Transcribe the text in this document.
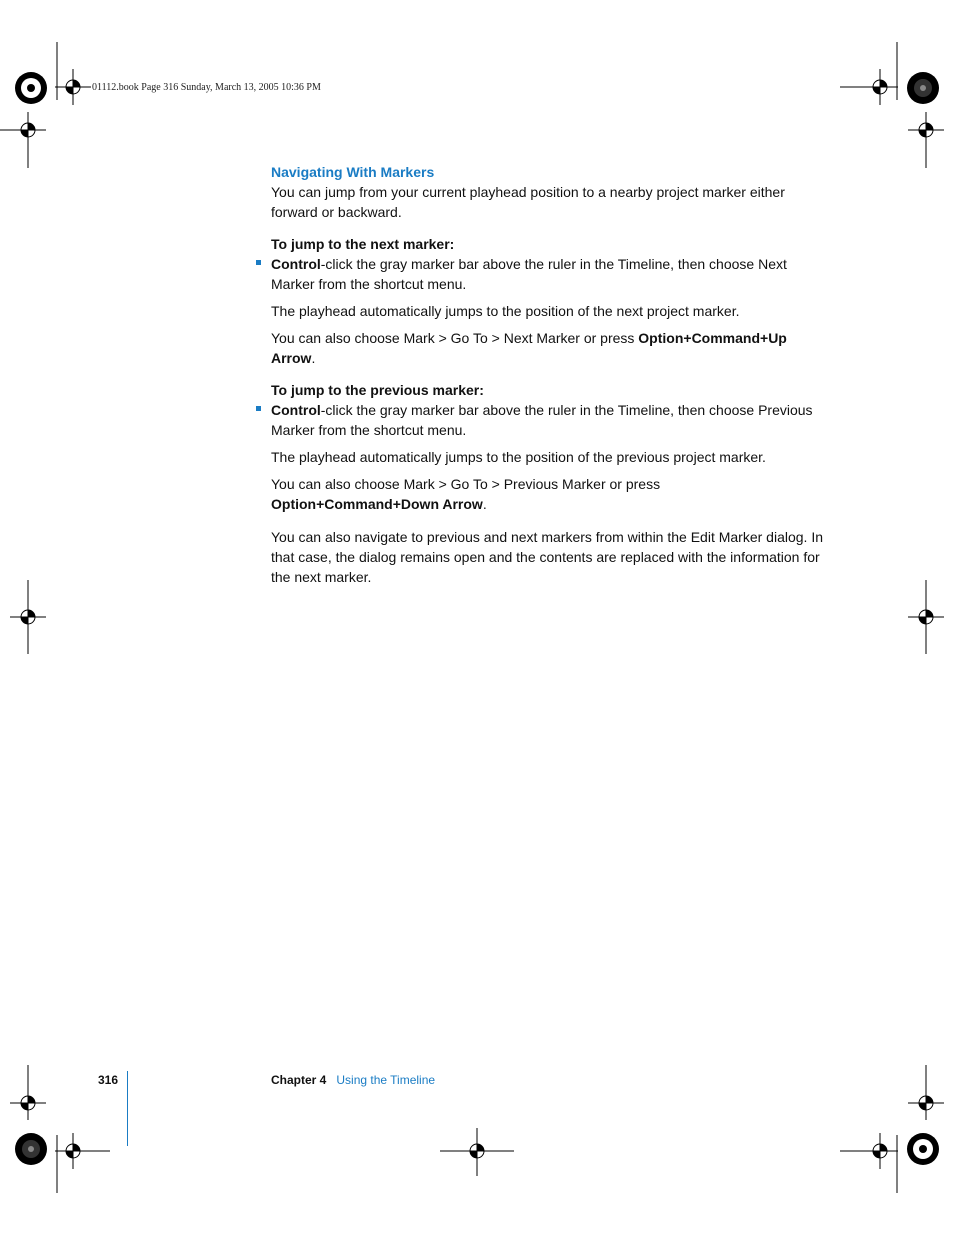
01112.book Page 316 Sunday, March 13, 2005 10:36 PM
Navigating With Markers

You can jump from your current playhead position to a nearby project marker either forward or backward.

To jump to the next marker:

Control-click the gray marker bar above the ruler in the Timeline, then choose Next Marker from the shortcut menu.

The playhead automatically jumps to the position of the next project marker.

You can also choose Mark > Go To > Next Marker or press Option+Command+Up Arrow.

To jump to the previous marker:

Control-click the gray marker bar above the ruler in the Timeline, then choose Previous Marker from the shortcut menu.

The playhead automatically jumps to the position of the previous project marker.

You can also choose Mark > Go To > Previous Marker or press Option+Command+Down Arrow.

You can also navigate to previous and next markers from within the Edit Marker dialog. In that case, the dialog remains open and the contents are replaced with the information for the next marker.

316	Chapter 4 Using the Timeline
